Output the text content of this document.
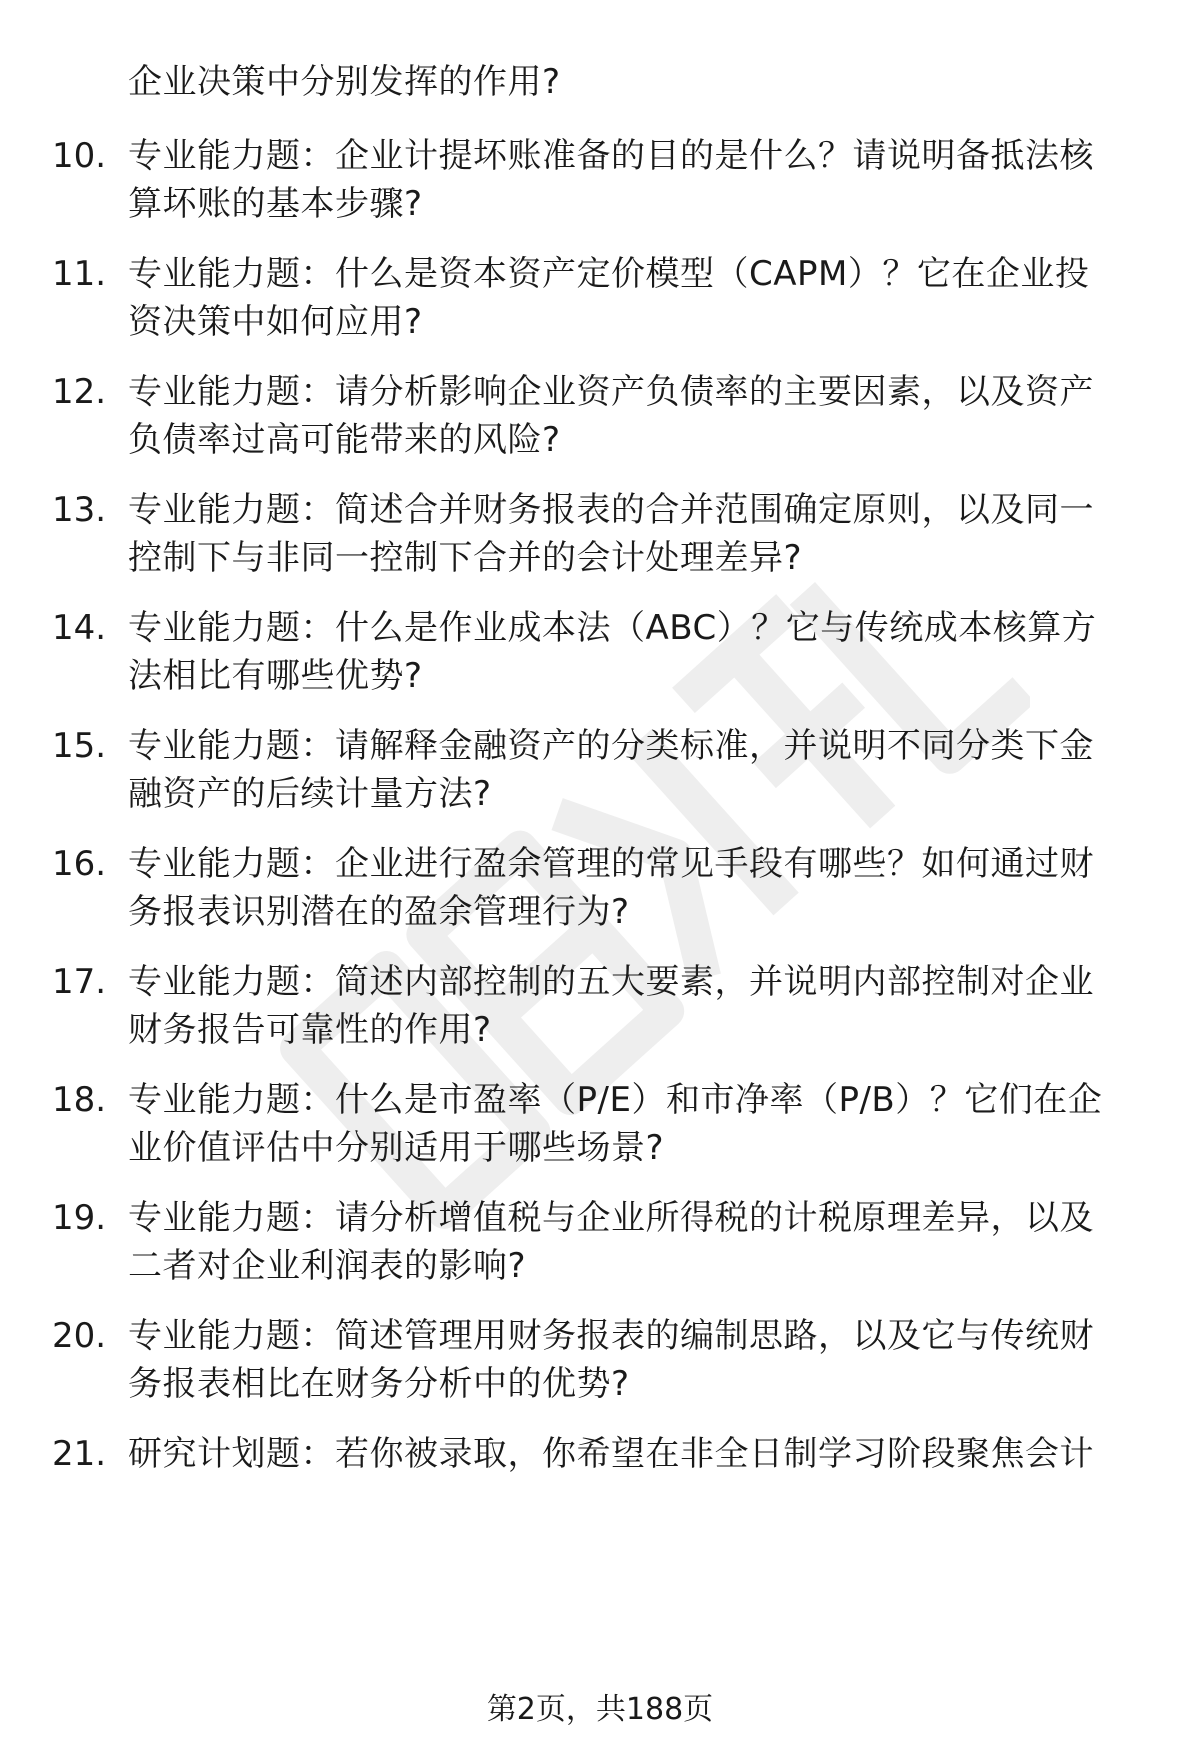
企业决策中分别发挥的作用?
10. 专业能力题：企业计提坏账准备的目的是什么？请说明备抵法核
算坏账的基本步骤?
11. 专业能力题：什么是资本资产定价模型（CAPM）？它在企业投
资决策中如何应用?
12. 专业能力题：请分析影响企业资产负债率的主要因素，以及资产
负债率过高可能带来的风险?
13. 专业能力题：简述合并财务报表的合并范围确定原则，以及同一
控制下与非同一控制下合并的会计处理差异?
14. 专业能力题：什么是作业成本法（ABC）？它与传统成本核算方
法相比有哪些优势?
15. 专业能力题：请解释金融资产的分类标准，并说明不同分类下金
融资产的后续计量方法?
16. 专业能力题：企业进行盈余管理的常见手段有哪些？如何通过财
务报表识别潜在的盈余管理行为?
17. 专业能力题：简述内部控制的五大要素，并说明内部控制对企业
财务报告可靠性的作用?
18. 专业能力题：什么是市盈率（P/E）和市净率（P/B）？它们在企
业价值评估中分别适用于哪些场景?
19. 专业能力题：请分析增值税与企业所得税的计税原理差异，以及
二者对企业利润表的影响?
20. 专业能力题：简述管理用财务报表的编制思路，以及它与传统财
务报表相比在财务分析中的优势?
21. 研究计划题：若你被录取，你希望在非全日制学习阶段聚焦会计
第2页，共188页
